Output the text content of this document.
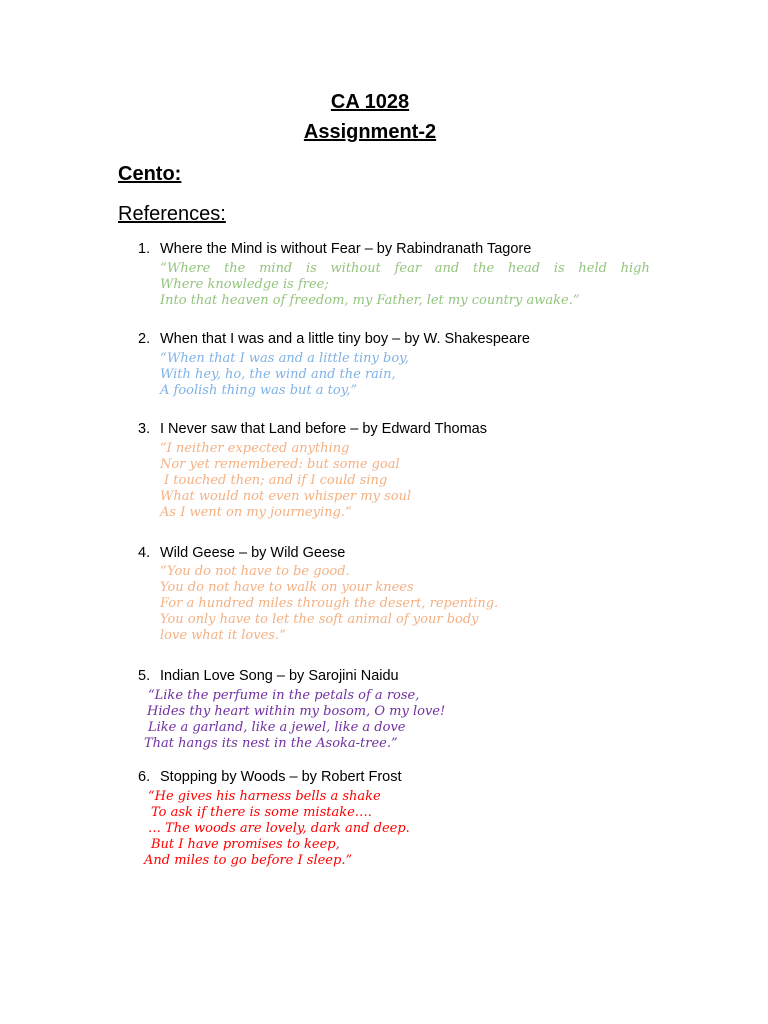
CA 1028
Assignment-2
Cento:
References:
1. Where the Mind is without Fear – by Rabindranath Tagore
“Where the mind is without fear and the head is held high
Where knowledge is free;
Into that heaven of freedom, my Father, let my country awake.”
2. When that I was and a little tiny boy – by W. Shakespeare
“When that I was and a little tiny boy,
With hey, ho, the wind and the rain,
A foolish thing was but a toy,”
3. I Never saw that Land before – by Edward Thomas
“I neither expected anything
Nor yet remembered: but some goal
I touched then; and if I could sing
What would not even whisper my soul
As I went on my journeying.”
4. Wild Geese – by Wild Geese
“You do not have to be good.
You do not have to walk on your knees
For a hundred miles through the desert, repenting.
You only have to let the soft animal of your body
love what it loves.”
5. Indian Love Song – by Sarojini Naidu
“Like the perfume in the petals of a rose,
Hides thy heart within my bosom, O my love!
Like a garland, like a jewel, like a dove
That hangs its nest in the Asoka-tree.”
6. Stopping by Woods – by Robert Frost
“He gives his harness bells a shake
To ask if there is some mistake….
… The woods are lovely, dark and deep.
But I have promises to keep,
And miles to go before I sleep.”
